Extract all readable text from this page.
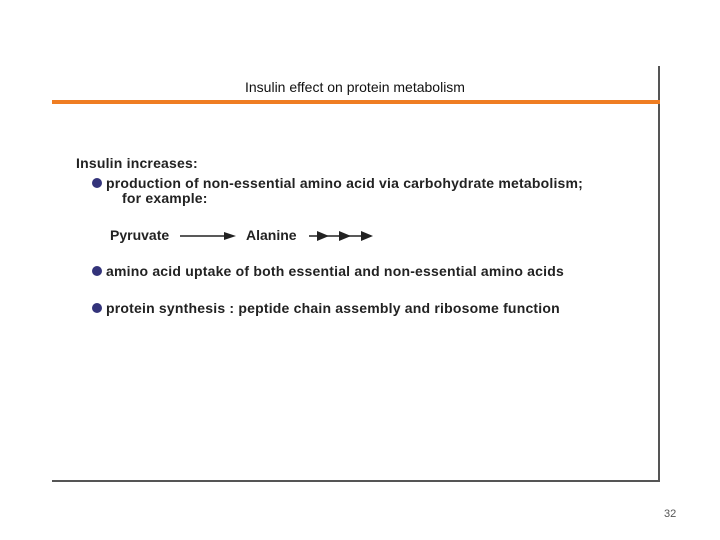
Insulin effect on protein metabolism
Insulin increases:
production of non-essential amino acid via carbohydrate metabolism;
for example:
Pyruvate	Alanine
amino acid uptake of both essential and non-essential amino acids
protein synthesis : peptide chain assembly and ribosome function
32
